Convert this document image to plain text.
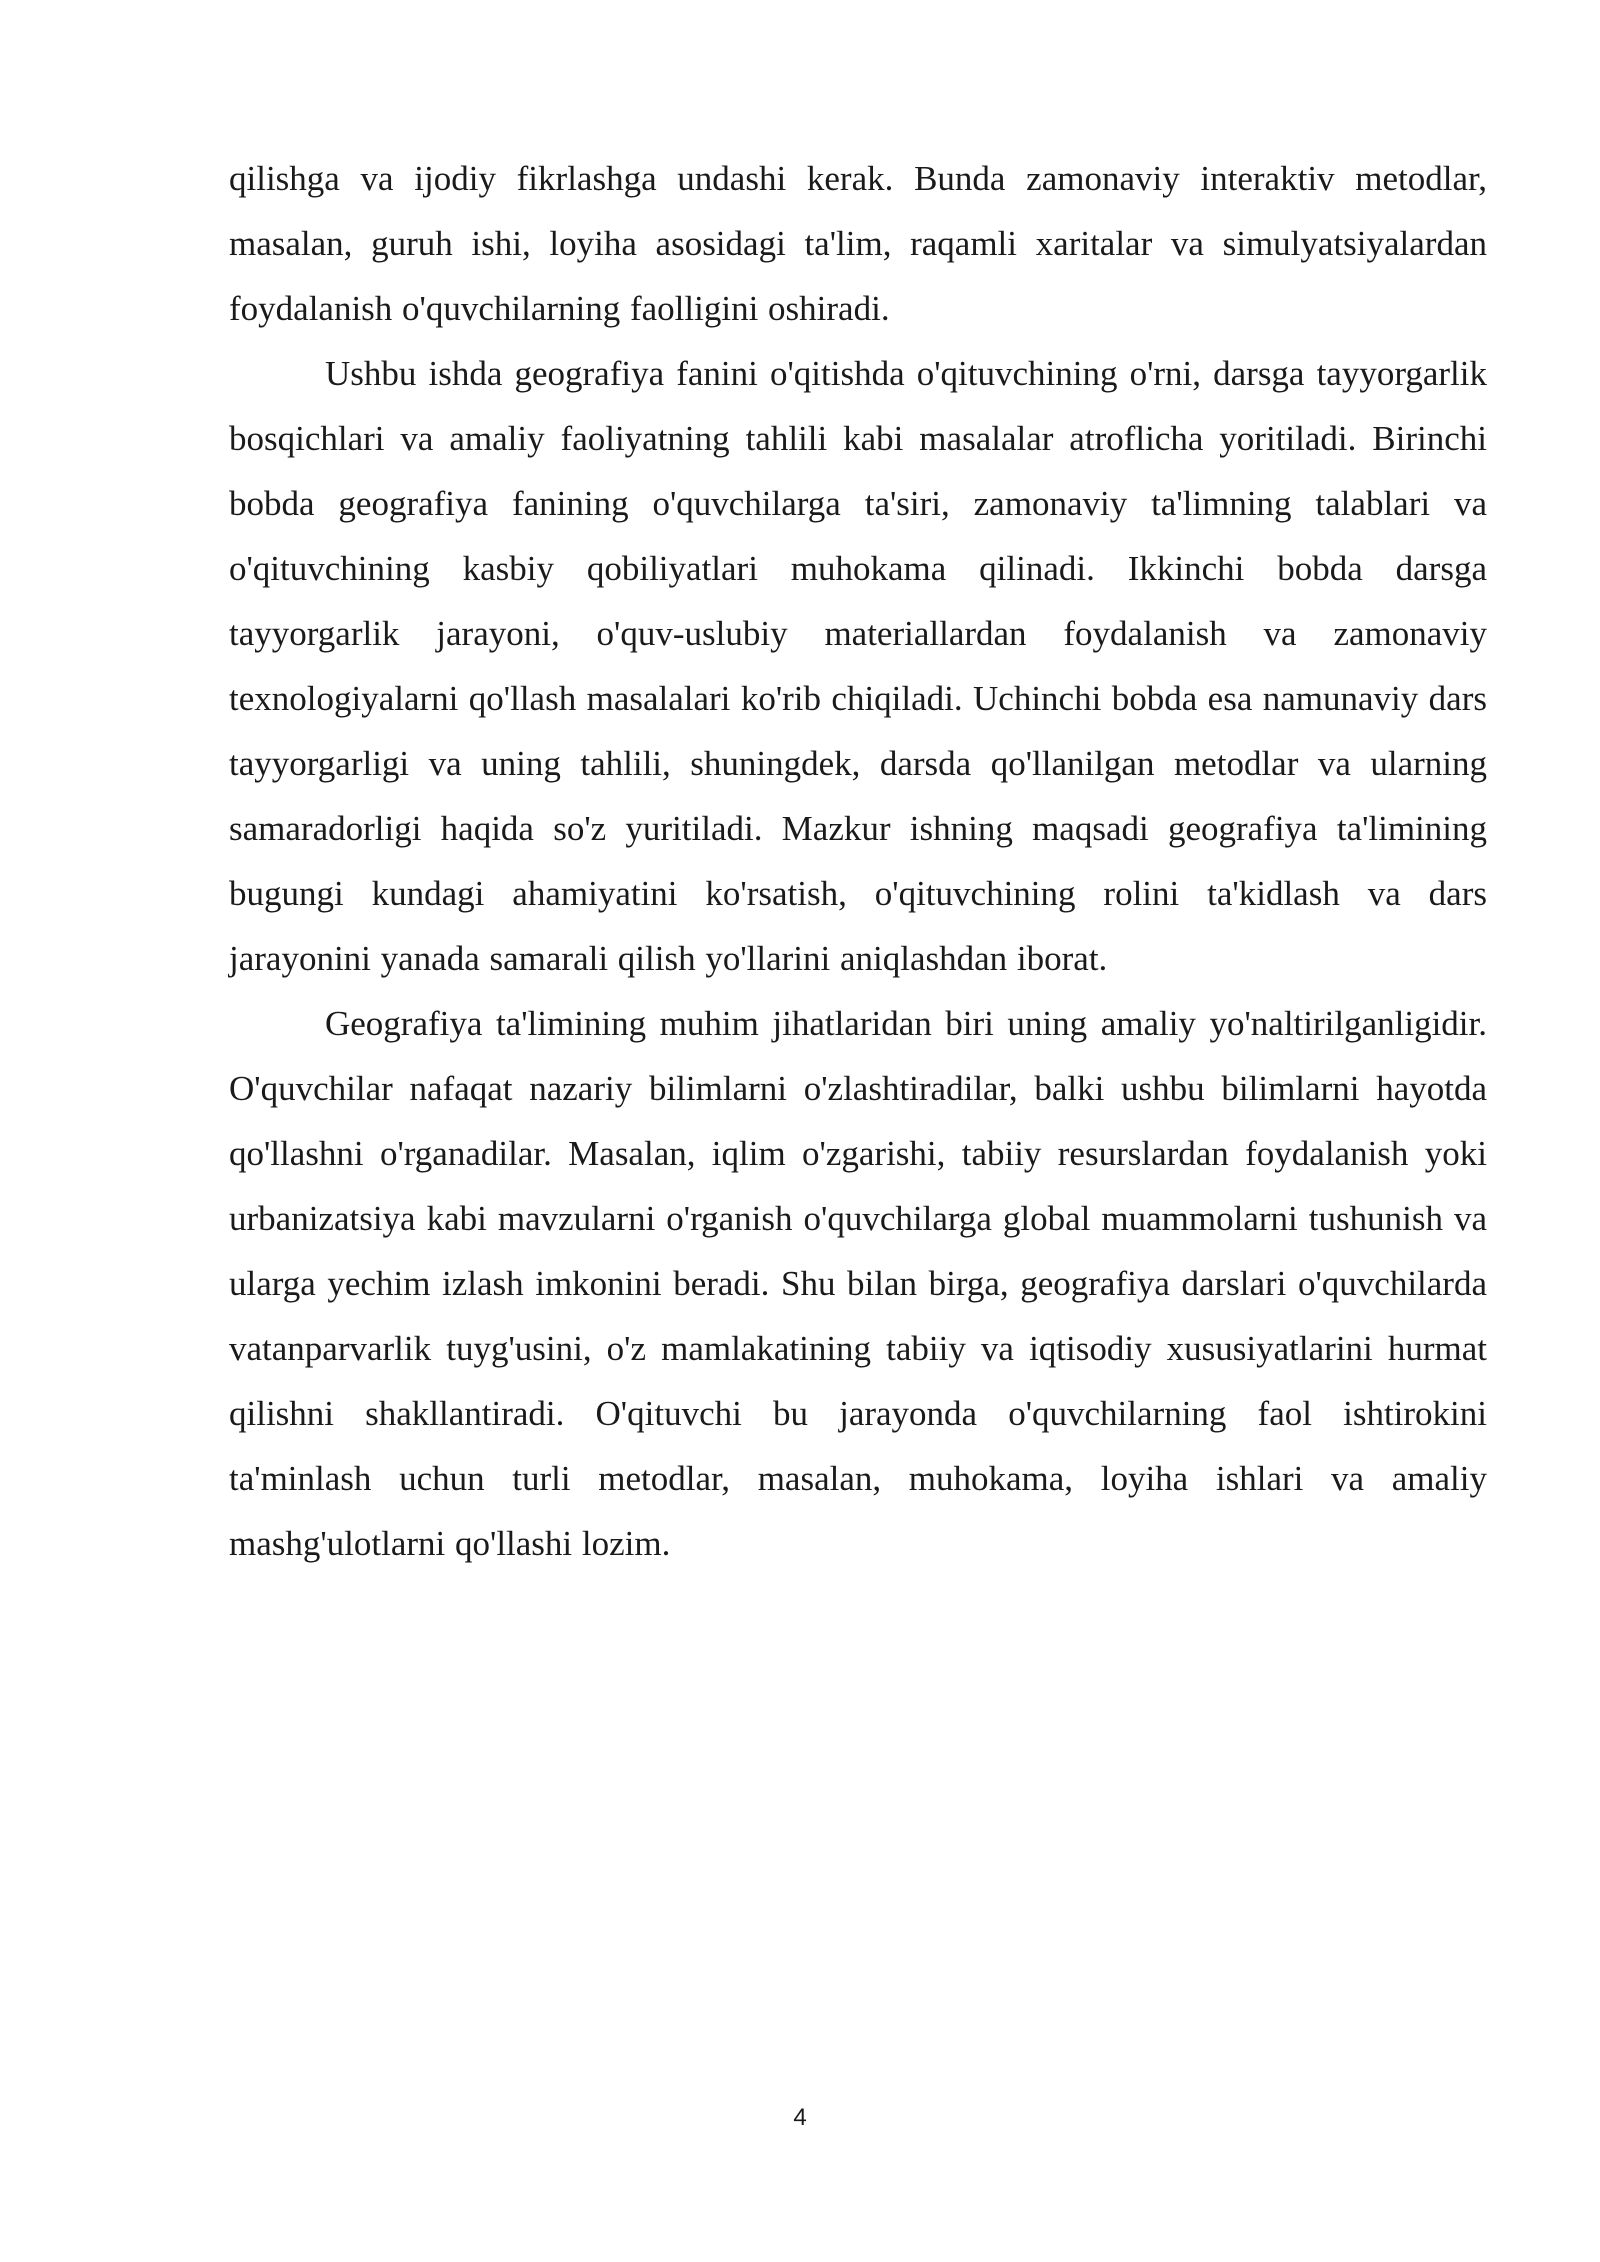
qilishga va ijodiy fikrlashga undashi kerak. Bunda zamonaviy interaktiv metodlar, masalan, guruh ishi, loyiha asosidagi ta'lim, raqamli xaritalar va simulyatsiyalardan foydalanish o'quvchilarning faolligini oshiradi.

Ushbu ishda geografiya fanini o'qitishda o'qituvchining o'rni, darsga tayyorgarlik bosqichlari va amaliy faoliyatning tahlili kabi masalalar atroflicha yoritiladi. Birinchi bobda geografiya fanining o'quvchilarga ta'siri, zamonaviy ta'limning talablari va o'qituvchining kasbiy qobiliyatlari muhokama qilinadi. Ikkinchi bobda darsga tayyorgarlik jarayoni, o'quv-uslubiy materiallardan foydalanish va zamonaviy texnologiyalarni qo'llash masalalari ko'rib chiqiladi. Uchinchi bobda esa namunaviy dars tayyorgarligi va uning tahlili, shuningdek, darsda qo'llanilgan metodlar va ularning samaradorligi haqida so'z yuritiladi. Mazkur ishning maqsadi geografiya ta'limining bugungi kundagi ahamiyatini ko'rsatish, o'qituvchining rolini ta'kidlash va dars jarayonini yanada samarali qilish yo'llarini aniqlashdan iborat.

Geografiya ta'limining muhim jihatlaridan biri uning amaliy yo'naltirilganligidir. O'quvchilar nafaqat nazariy bilimlarni o'zlashtiradilar, balki ushbu bilimlarni hayotda qo'llashni o'rganadilar. Masalan, iqlim o'zgarishi, tabiiy resurslardan foydalanish yoki urbanizatsiya kabi mavzularni o'rganish o'quvchilarga global muammolarni tushunish va ularga yechim izlash imkonini beradi. Shu bilan birga, geografiya darslari o'quvchilarda vatanparvarlik tuyg'usini, o'z mamlakatining tabiiy va iqtisodiy xususiyatlarini hurmat qilishni shakllantiradi. O'qituvchi bu jarayonda o'quvchilarning faol ishtirokini ta'minlash uchun turli metodlar, masalan, muhokama, loyiha ishlari va amaliy mashg'ulotlarni qo'llashi lozim.

4
